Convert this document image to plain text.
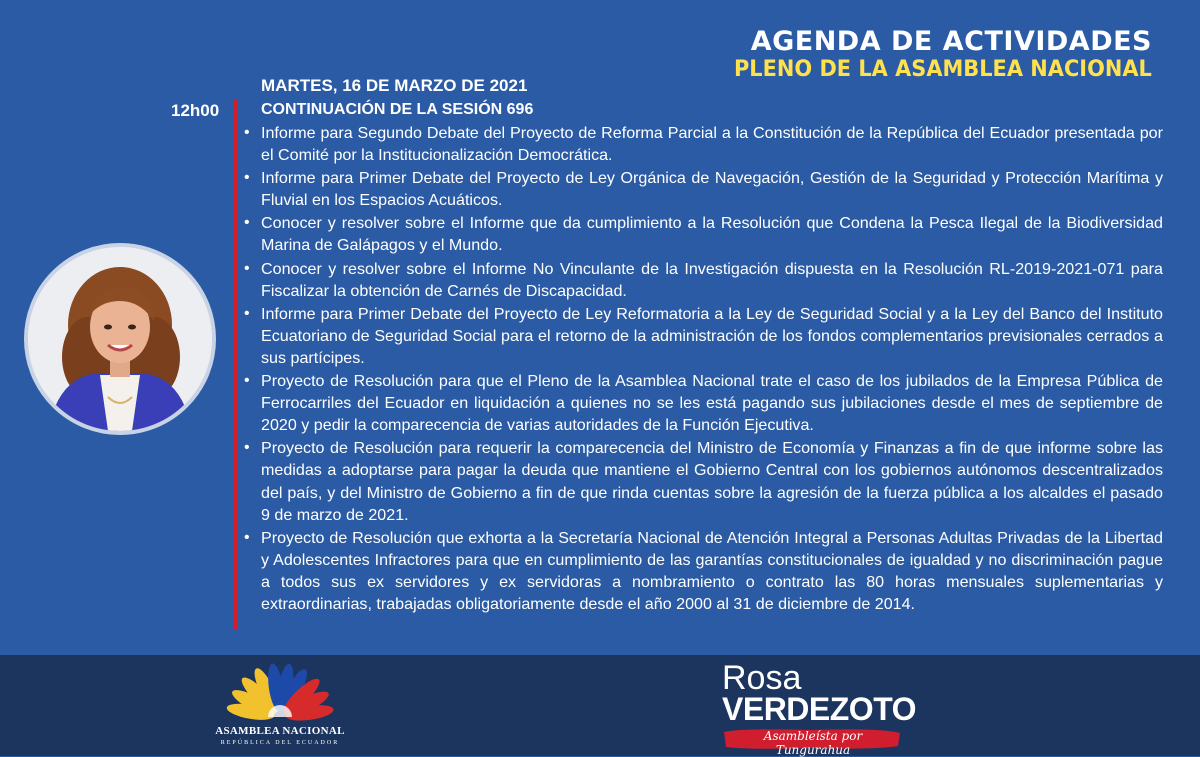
AGENDA DE ACTIVIDADES
PLENO DE LA ASAMBLEA NACIONAL
MARTES, 16 DE MARZO DE 2021
12h00	CONTINUACIÓN DE LA SESIÓN 696
• Informe para Segundo Debate del Proyecto de Reforma Parcial a la Constitución de la República del Ecuador presentada por el Comité por la Institucionalización Democrática.
• Informe para Primer Debate del Proyecto de Ley Orgánica de Navegación, Gestión de la Seguridad y Protección Marítima y Fluvial en los Espacios Acuáticos.
• Conocer y resolver sobre el Informe que da cumplimiento a la Resolución que Condena la Pesca Ilegal de la Biodiversidad Marina de Galápagos y el Mundo.
• Conocer y resolver sobre el Informe No Vinculante de la Investigación dispuesta en la Resolución RL-2019-2021-071 para Fiscalizar la obtención de Carnés de Discapacidad.
• Informe para Primer Debate del Proyecto de Ley Reformatoria a la Ley de Seguridad Social y a la Ley del Banco del Instituto Ecuatoriano de Seguridad Social para el retorno de la administración de los fondos complementarios previsionales cerrados a sus partícipes.
• Proyecto de Resolución para que el Pleno de la Asamblea Nacional trate el caso de los jubilados de la Empresa Pública de Ferrocarriles del Ecuador en liquidación a quienes no se les está pagando sus jubilaciones desde el mes de septiembre de 2020 y pedir la comparecencia de varias autoridades de la Función Ejecutiva.
• Proyecto de Resolución para requerir la comparecencia del Ministro de Economía y Finanzas a fin de que informe sobre las medidas a adoptarse para pagar la deuda que mantiene el Gobierno Central con los gobiernos autónomos descentralizados del país, y del Ministro de Gobierno a fin de que rinda cuentas sobre la agresión de la fuerza pública a los alcaldes el pasado 9 de marzo de 2021.
• Proyecto de Resolución que exhorta a la Secretaría Nacional de Atención Integral a Personas Adultas Privadas de la Libertad y Adolescentes Infractores para que en cumplimiento de las garantías constitucionales de igualdad y no discriminación pague a todos sus ex servidores y ex servidoras a nombramiento o contrato las 80 horas mensuales suplementarias y extraordinarias, trabajadas obligatoriamente desde el año 2000 al 31 de diciembre de 2014.
ASAMBLEA NACIONAL
REPÚBLICA DEL ECUADOR
Rosa
VERDEZOTO
Asambleísta por Tungurahua
